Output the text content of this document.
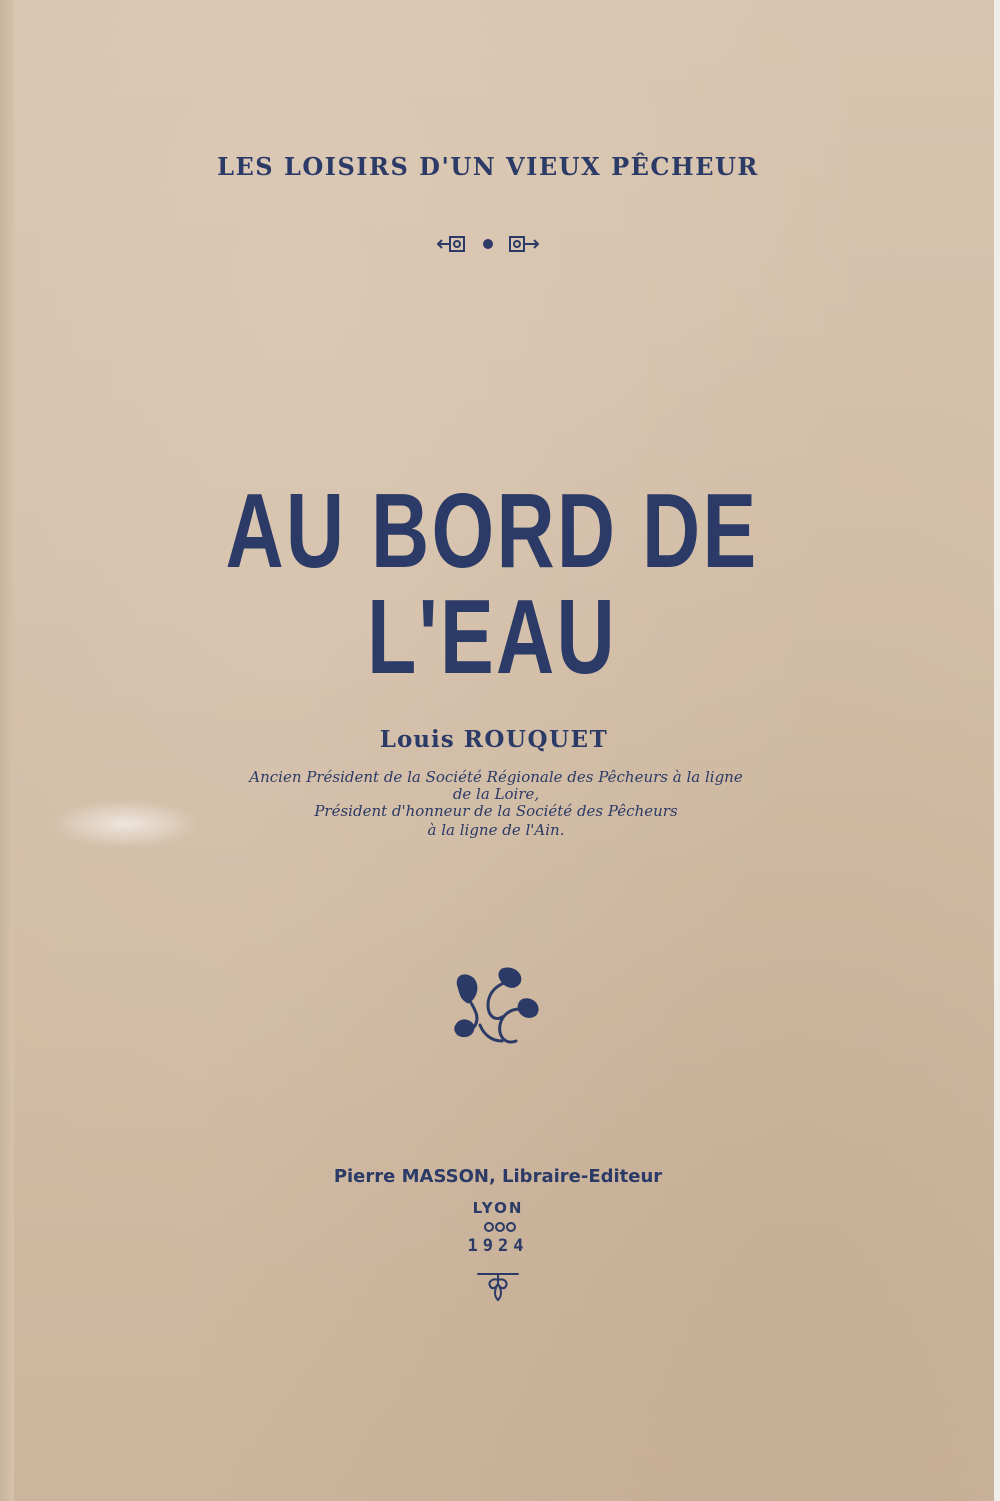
LES LOISIRS D'UN VIEUX PÊCHEUR
AU BORD DE L'EAU
Louis ROUQUET
Ancien Président de la Société Régionale des Pêcheurs à la ligne
de la Loire,
Président d'honneur de la Société des Pêcheurs
à la ligne de l'Ain.
Pierre MASSON, Libraire-Editeur
LYON
1924
